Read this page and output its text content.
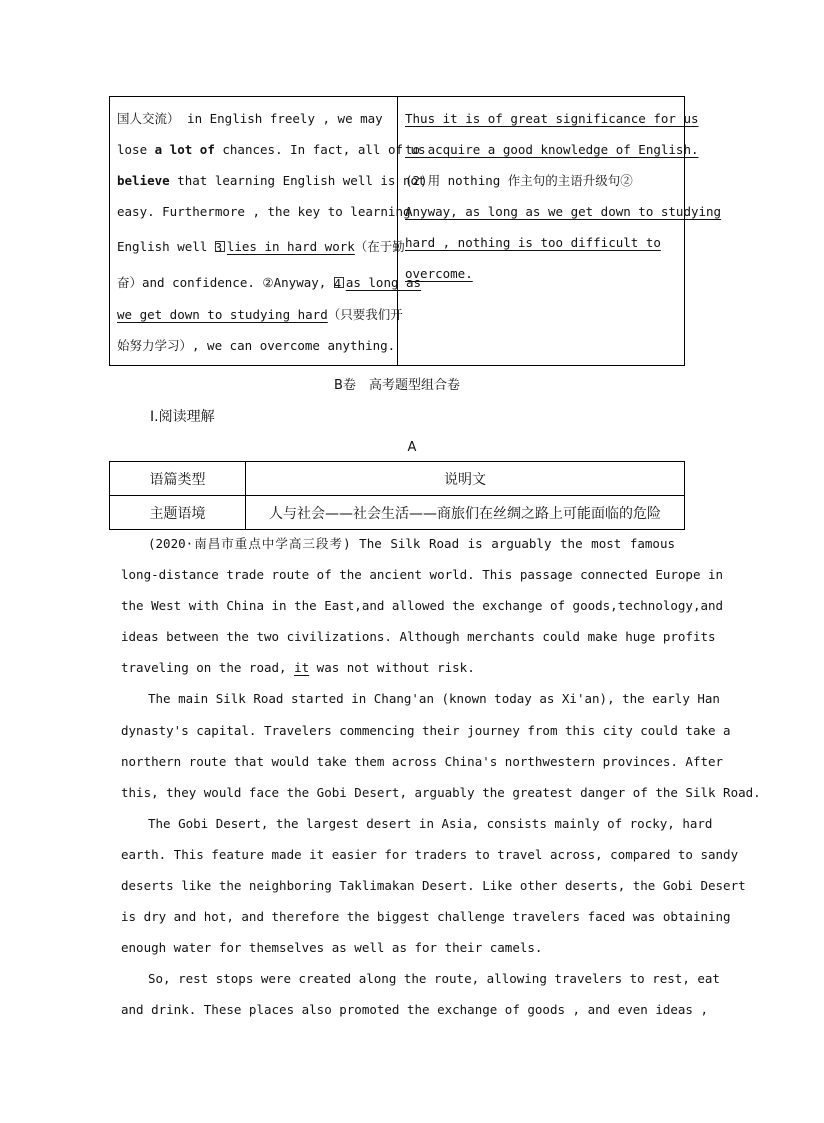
国人交流） in English freely , we may
lose a lot of chances. In fact, all of us
believe that learning English well is not
easy. Furthermore , the key to learning
English well 3 lies in hard work（在于勤
奋）and confidence. ②Anyway, 4 as long as
we get down to studying hard（只要我们开
始努力学习）, we can overcome anything.
Thus it is of great significance for us
to acquire a good knowledge of English.
(2)用 nothing 作主句的主语升级句②
Anyway, as long as we get down to studying
hard , nothing is too difficult to
overcome.
B卷　高考题型组合卷
Ⅰ.阅读理解
A
语篇类型	说明文
主题语境	人与社会——社会生活——商旅们在丝绸之路上可能面临的危险
(2020·南昌市重点中学高三段考) The Silk Road is arguably the most famous
long-distance trade route of the ancient world. This passage connected Europe in
the West with China in the East,and allowed the exchange of goods,technology,and
ideas between the two civilizations. Although merchants could make huge profits
traveling on the road, it was not without risk.
The main Silk Road started in Chang'an (known today as Xi'an), the early Han
dynasty's capital. Travelers commencing their journey from this city could take a
northern route that would take them across China's northwestern provinces. After
this, they would face the Gobi Desert, arguably the greatest danger of the Silk Road.
The Gobi Desert, the largest desert in Asia, consists mainly of rocky, hard
earth. This feature made it easier for traders to travel across, compared to sandy
deserts like the neighboring Taklimakan Desert. Like other deserts, the Gobi Desert
is dry and hot, and therefore the biggest challenge travelers faced was obtaining
enough water for themselves as well as for their camels.
So, rest stops were created along the route, allowing travelers to rest, eat
and drink. These places also promoted the exchange of goods , and even ideas ,
